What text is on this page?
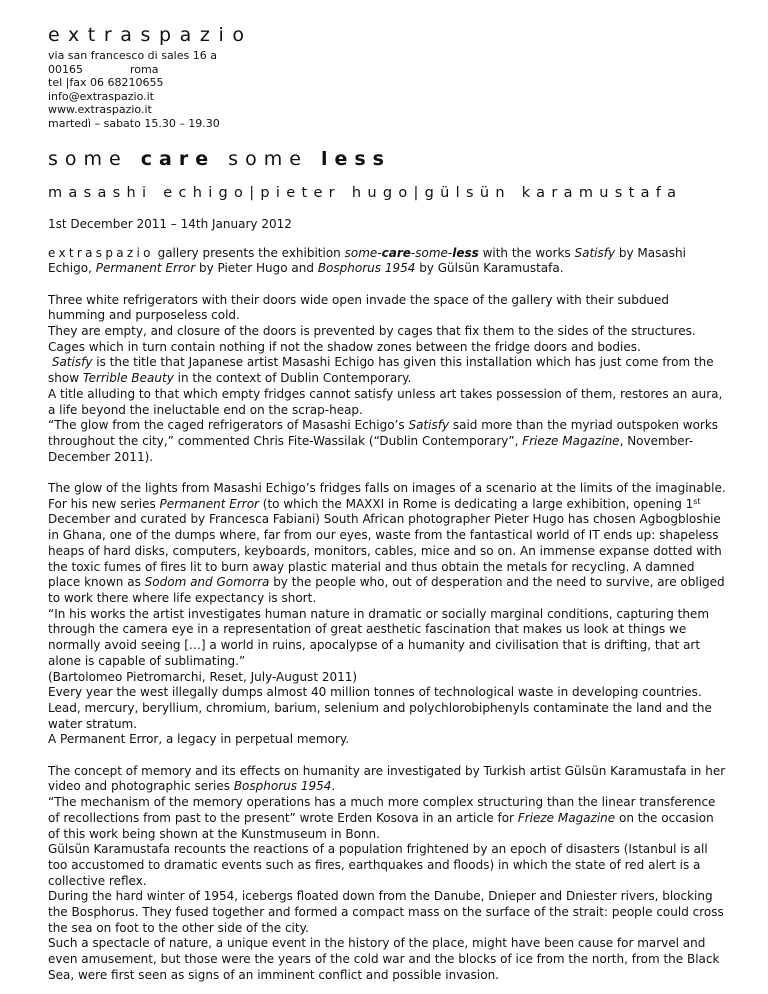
extraspazio
via san francesco di sales 16 a
00165	roma
tel |fax 06 68210655
info@extraspazio.it
www.extraspazio.it
martedì – sabato 15.30 – 19.30
some care some less
masashi echigo|pieter hugo|gülsün karamustafa
1st December 2011 – 14th January 2012

extraspazio gallery presents the exhibition some-care-some-less with the works Satisfy by Masashi Echigo, Permanent Error by Pieter Hugo and Bosphorus 1954 by Gülsün Karamustafa.

Three white refrigerators with their doors wide open invade the space of the gallery with their subdued humming and purposeless cold.

They are empty, and closure of the doors is prevented by cages that fix them to the sides of the structures. Cages which in turn contain nothing if not the shadow zones between the fridge doors and bodies.

Satisfy is the title that Japanese artist Masashi Echigo has given this installation which has just come from the show Terrible Beauty in the context of Dublin Contemporary.

A title alluding to that which empty fridges cannot satisfy unless art takes possession of them, restores an aura, a life beyond the ineluctable end on the scrap-heap.

“The glow from the caged refrigerators of Masashi Echigo’s Satisfy said more than the myriad outspoken works throughout the city,” commented Chris Fite-Wassilak (“Dublin Contemporary”, Frieze Magazine, November-December 2011).

The glow of the lights from Masashi Echigo’s fridges falls on images of a scenario at the limits of the imaginable.

For his new series Permanent Error (to which the MAXXI in Rome is dedicating a large exhibition, opening 1st December and curated by Francesca Fabiani) South African photographer Pieter Hugo has chosen Agbogbloshie in Ghana, one of the dumps where, far from our eyes, waste from the fantastical world of IT ends up: shapeless heaps of hard disks, computers, keyboards, monitors, cables, mice and so on. An immense expanse dotted with the toxic fumes of fires lit to burn away plastic material and thus obtain the metals for recycling. A damned place known as Sodom and Gomorra by the people who, out of desperation and the need to survive, are obliged to work there where life expectancy is short.

“In his works the artist investigates human nature in dramatic or socially marginal conditions, capturing them through the camera eye in a representation of great aesthetic fascination that makes us look at things we normally avoid seeing […] a world in ruins, apocalypse of a humanity and civilisation that is drifting, that art alone is capable of sublimating.”

(Bartolomeo Pietromarchi, Reset, July-August 2011)

Every year the west illegally dumps almost 40 million tonnes of technological waste in developing countries. Lead, mercury, beryllium, chromium, barium, selenium and polychlorobiphenyls contaminate the land and the water stratum.

A Permanent Error, a legacy in perpetual memory.

The concept of memory and its effects on humanity are investigated by Turkish artist Gülsün Karamustafa in her video and photographic series Bosphorus 1954.

“The mechanism of the memory operations has a much more complex structuring than the linear transference of recollections from past to the present” wrote Erden Kosova in an article for Frieze Magazine on the occasion of this work being shown at the Kunstmuseum in Bonn.

Gülsün Karamustafa recounts the reactions of a population frightened by an epoch of disasters (Istanbul is all too accustomed to dramatic events such as fires, earthquakes and floods) in which the state of red alert is a collective reflex.

During the hard winter of 1954, icebergs floated down from the Danube, Dnieper and Dniester rivers, blocking the Bosphorus. They fused together and formed a compact mass on the surface of the strait: people could cross the sea on foot to the other side of the city.

Such a spectacle of nature, a unique event in the history of the place, might have been cause for marvel and even amusement, but those were the years of the cold war and the blocks of ice from the north, from the Black Sea, were first seen as signs of an imminent conflict and possible invasion.
